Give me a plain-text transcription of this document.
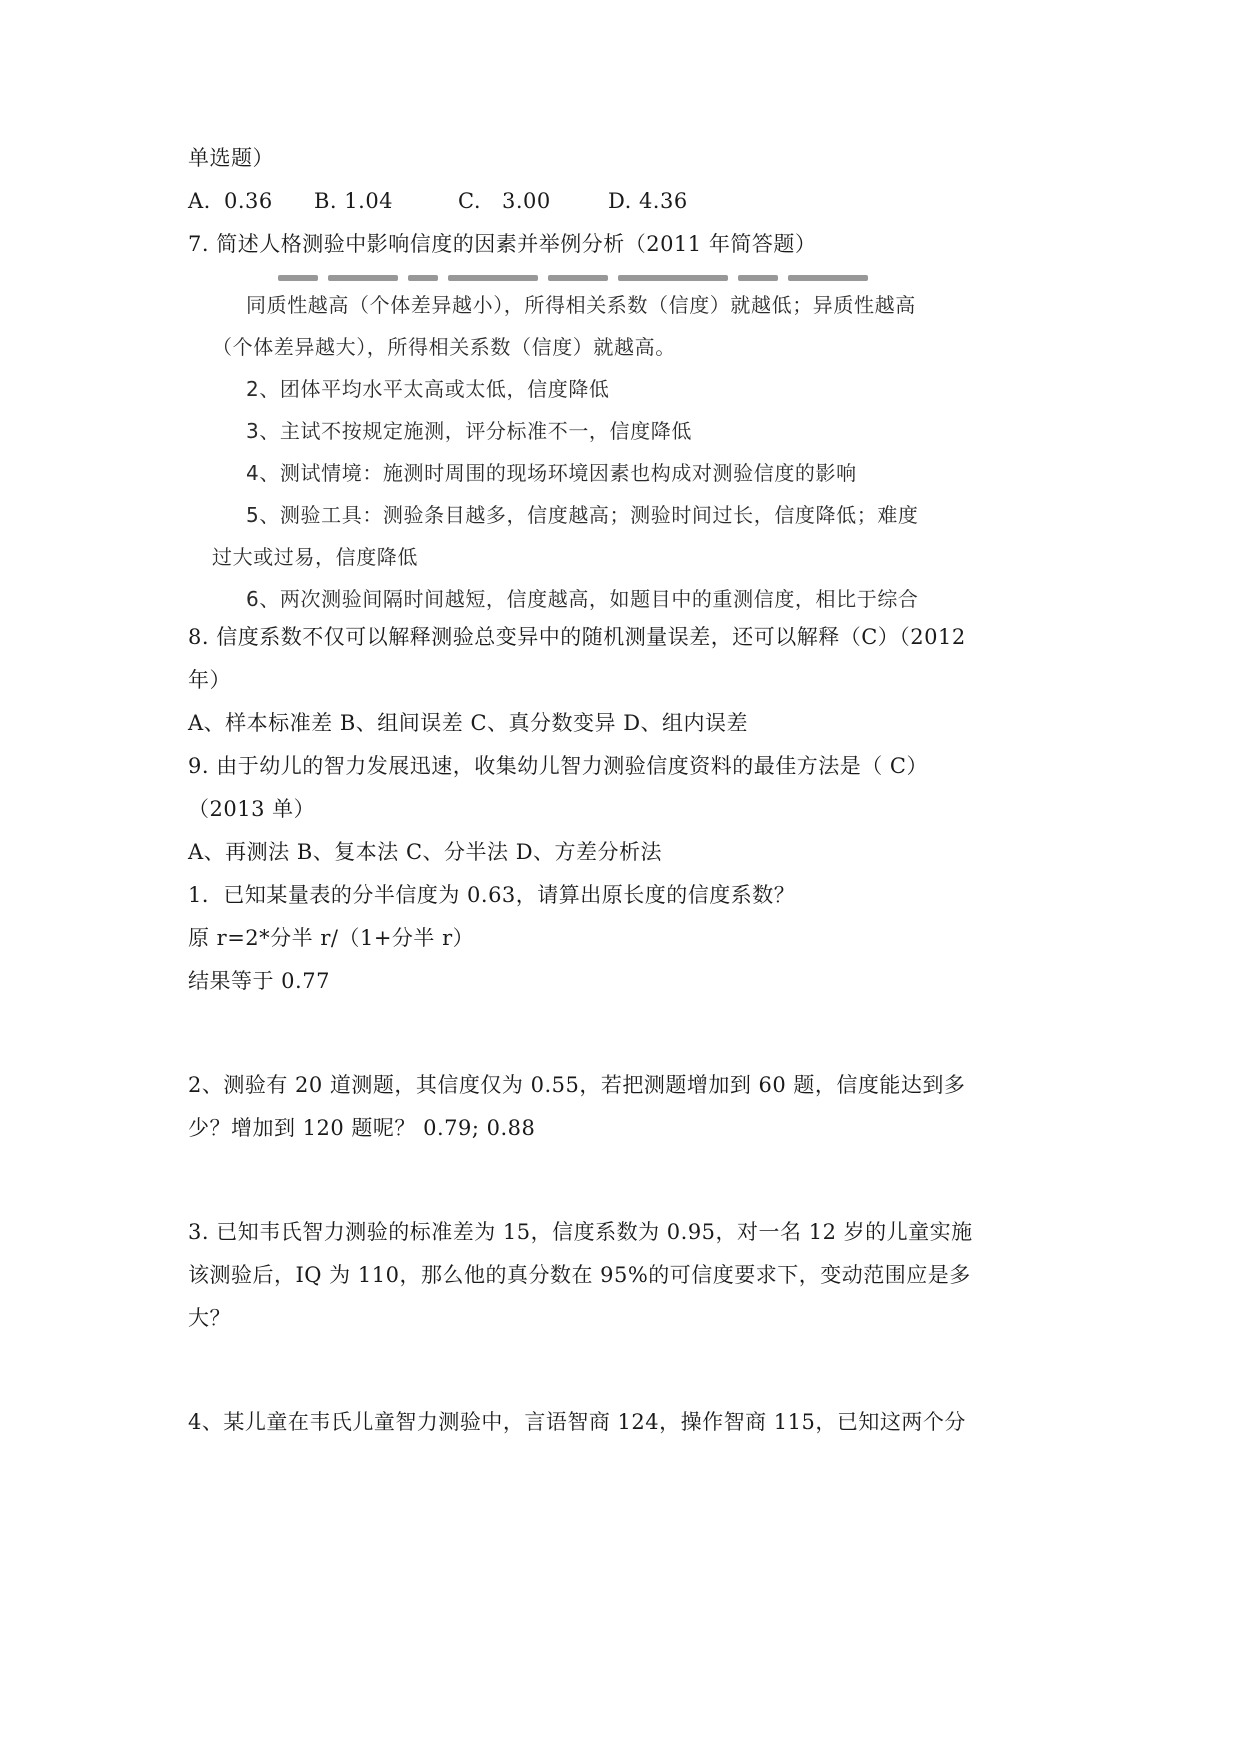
单选题）
A. 0.36 B. 1.04	C. 3.00	D. 4.36
7. 简述人格测验中影响信度的因素并举例分析（2011 年简答题）
同质性越高（个体差异越小），所得相关系数（信度）就越低；异质性越高
（个体差异越大），所得相关系数（信度）就越高。
2、团体平均水平太高或太低，信度降低
3、主试不按规定施测，评分标准不一，信度降低
4、测试情境：施测时周围的现场环境因素也构成对测验信度的影响
5、测验工具：测验条目越多，信度越高；测验时间过长，信度降低；难度
过大或过易，信度降低
6、两次测验间隔时间越短，信度越高，如题目中的重测信度，相比于综合
8. 信度系数不仅可以解释测验总变异中的随机测量误差，还可以解释（C）（2012
年）
A、样本标准差 B、组间误差 C、真分数变异 D、组内误差
9. 由于幼儿的智力发展迅速，收集幼儿智力测验信度资料的最佳方法是（ C）
（2013 单）
A、再测法 B、复本法 C、分半法 D、方差分析法
1．已知某量表的分半信度为 0.63，请算出原长度的信度系数？
原 r=2*分半 r/（1+分半 r）
结果等于 0.77
2、测验有 20 道测题，其信度仅为 0.55，若把测题增加到 60 题，信度能达到多
少？增加到 120 题呢？ 0.79; 0.88
3. 已知韦氏智力测验的标准差为 15，信度系数为 0.95，对一名 12 岁的儿童实施
该测验后，IQ 为 110，那么他的真分数在 95%的可信度要求下，变动范围应是多
大？
4、某儿童在韦氏儿童智力测验中，言语智商 124，操作智商 115，已知这两个分
